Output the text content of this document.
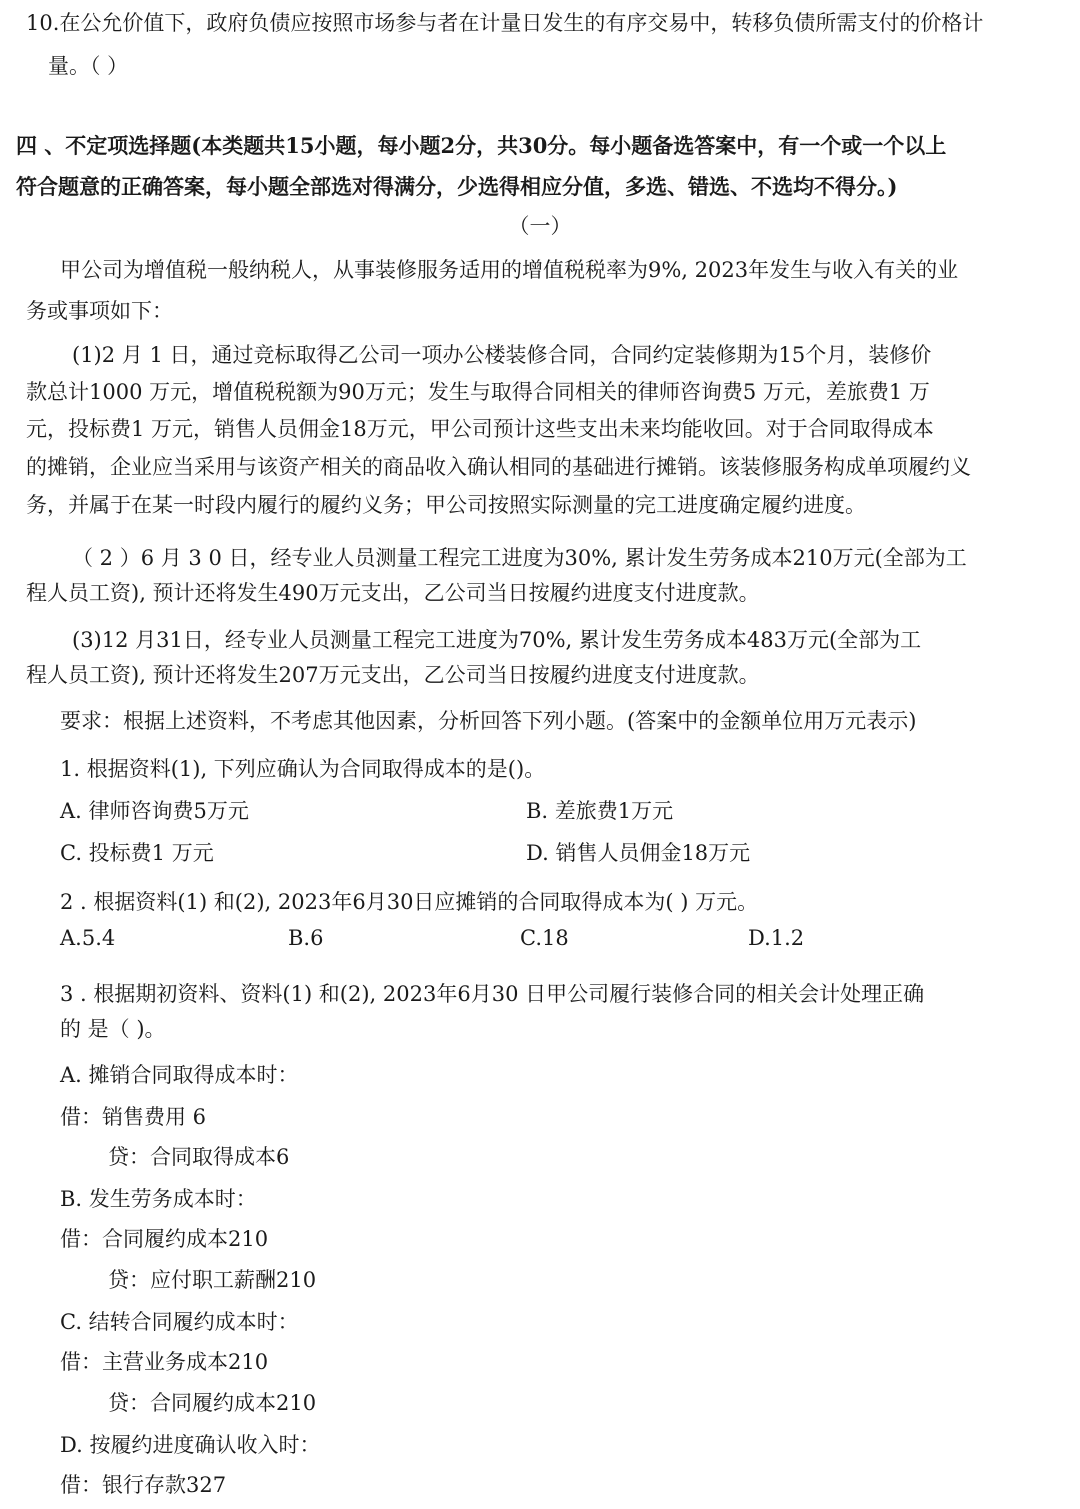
10.在公允价值下，政府负债应按照市场参与者在计量日发生的有序交易中，转移负债所需支付的价格计
量。（ ）
四 、不定项选择题(本类题共15小题，每小题2分，共30分。每小题备选答案中，有一个或一个以上
符合题意的正确答案，每小题全部选对得满分，少选得相应分值，多选、错选、不选均不得分。)
（一）
甲公司为增值税一般纳税人，从事装修服务适用的增值税税率为9%, 2023年发生与收入有关的业
务或事项如下：
(1)2 月 1 日，通过竞标取得乙公司一项办公楼装修合同，合同约定装修期为15个月，装修价
款总计1000 万元，增值税税额为90万元；发生与取得合同相关的律师咨询费5 万元，差旅费1 万
元，投标费1 万元，销售人员佣金18万元，甲公司预计这些支出未来均能收回。对于合同取得成本
的摊销，企业应当采用与该资产相关的商品收入确认相同的基础进行摊销。该装修服务构成单项履约义
务，并属于在某一时段内履行的履约义务；甲公司按照实际测量的完工进度确定履约进度。
（ 2 ）6 月 3 0 日，经专业人员测量工程完工进度为30%, 累计发生劳务成本210万元(全部为工
程人员工资), 预计还将发生490万元支出，乙公司当日按履约进度支付进度款。
(3)12 月31日，经专业人员测量工程完工进度为70%, 累计发生劳务成本483万元(全部为工
程人员工资), 预计还将发生207万元支出，乙公司当日按履约进度支付进度款。
要求：根据上述资料，不考虑其他因素，分析回答下列小题。(答案中的金额单位用万元表示)
1. 根据资料(1), 下列应确认为合同取得成本的是()。
A. 律师咨询费5万元	B. 差旅费1万元
C. 投标费1 万元	D. 销售人员佣金18万元
2 . 根据资料(1) 和(2), 2023年6月30日应摊销的合同取得成本为( ) 万元。
A.5.4	B.6	C.18	D.1.2
3 . 根据期初资料、资料(1) 和(2), 2023年6月30 日甲公司履行装修合同的相关会计处理正确
的 是（ )。
A. 摊销合同取得成本时：
借：销售费用 6
贷：合同取得成本6
B. 发生劳务成本时：
借：合同履约成本210
贷：应付职工薪酬210
C. 结转合同履约成本时：
借：主营业务成本210
贷：合同履约成本210
D. 按履约进度确认收入时：
借：银行存款327
